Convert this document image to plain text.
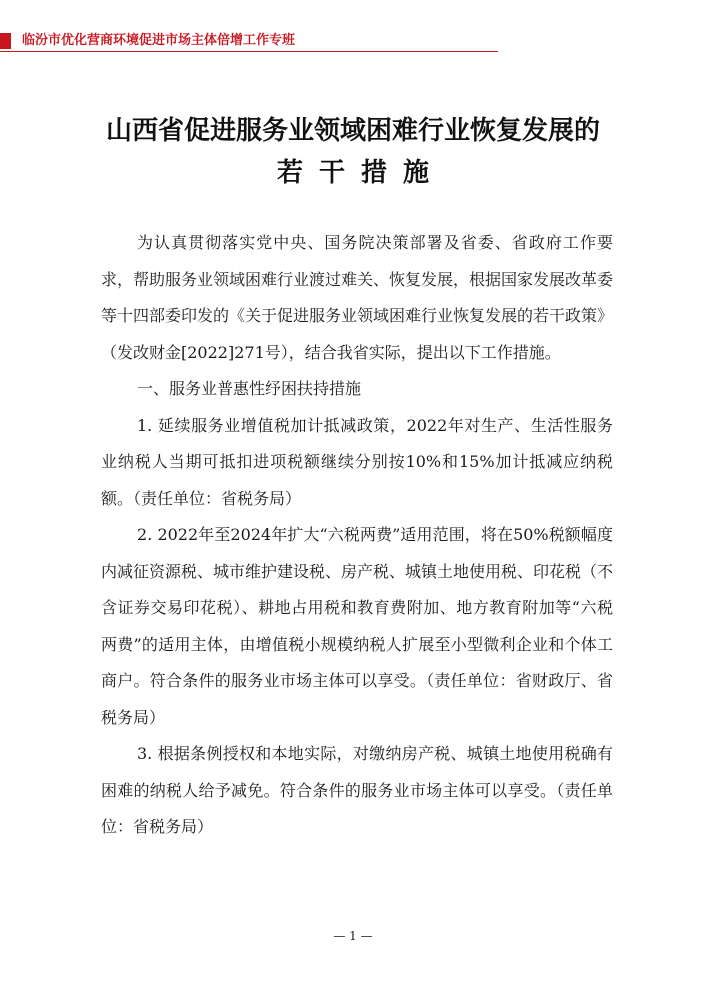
临汾市优化营商环境促进市场主体倍增工作专班
山西省促进服务业领域困难行业恢复发展的
若干措施

为认真贯彻落实党中央、国务院决策部署及省委、省政府工作要求，帮助服务业领域困难行业渡过难关、恢复发展，根据国家发展改革委等十四部委印发的《关于促进服务业领域困难行业恢复发展的若干政策》（发改财金[2022]271号），结合我省实际，提出以下工作措施。

一、服务业普惠性纾困扶持措施

1. 延续服务业增值税加计抵减政策，2022年对生产、生活性服务业纳税人当期可抵扣进项税额继续分别按10%和15%加计抵减应纳税额。（责任单位：省税务局）

2. 2022年至2024年扩大“六税两费”适用范围，将在50%税额幅度内减征资源税、城市维护建设税、房产税、城镇土地使用税、印花税（不含证券交易印花税）、耕地占用税和教育费附加、地方教育附加等“六税两费”的适用主体，由增值税小规模纳税人扩展至小型微利企业和个体工商户。符合条件的服务业市场主体可以享受。（责任单位：省财政厅、省税务局）

3. 根据条例授权和本地实际，对缴纳房产税、城镇土地使用税确有困难的纳税人给予减免。符合条件的服务业市场主体可以享受。（责任单位：省税务局）

— 1 —
